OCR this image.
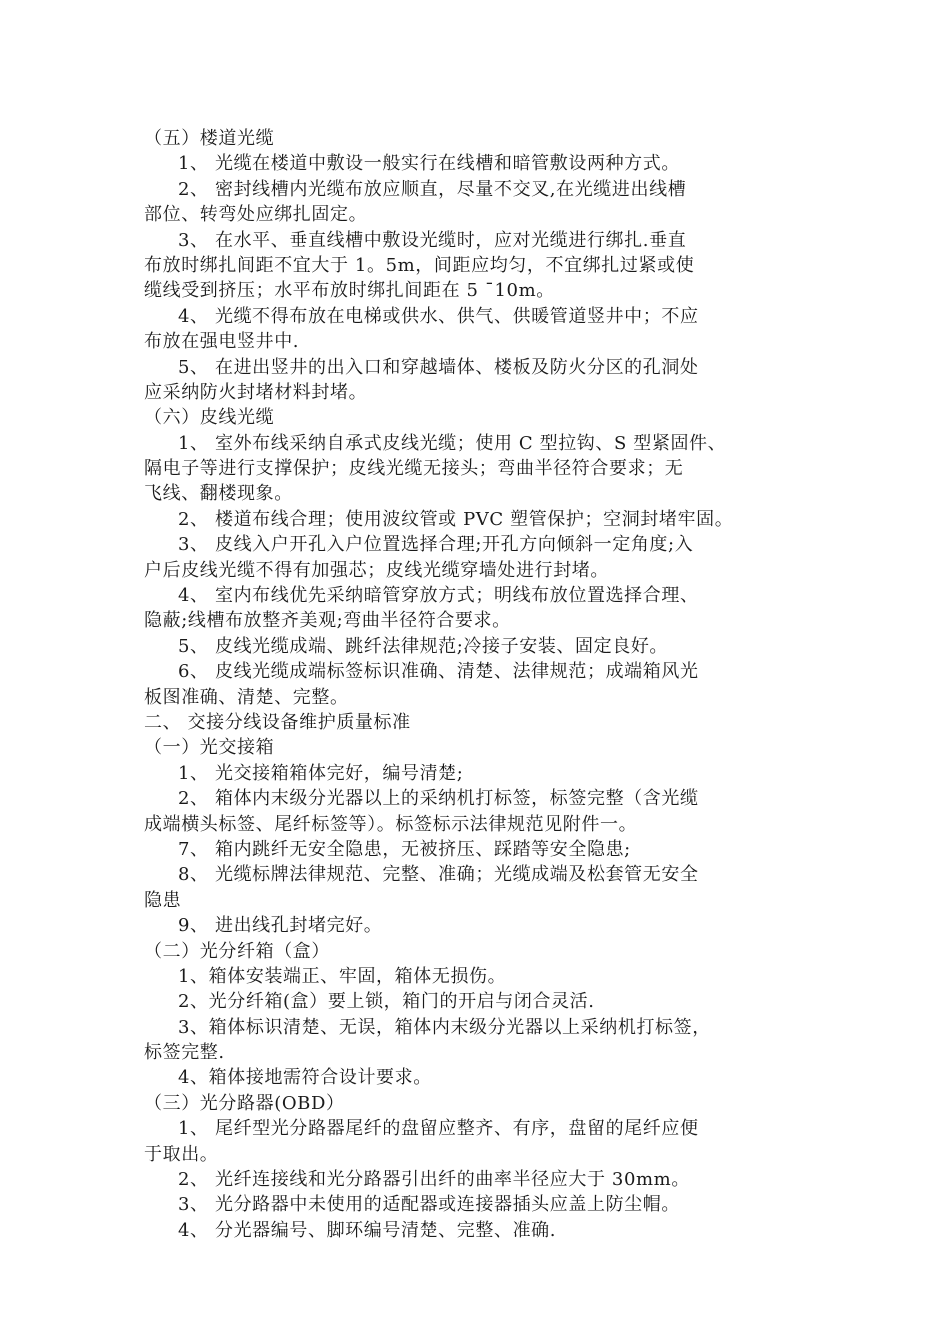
（五）楼道光缆
1、 光缆在楼道中敷设一般实行在线槽和暗管敷设两种方式。
2、 密封线槽内光缆布放应顺直，尽量不交叉,在光缆进出线槽
部位、转弯处应绑扎固定。
3、 在水平、垂直线槽中敷设光缆时，应对光缆进行绑扎.垂直
布放时绑扎间距不宜大于 1。5m，间距应均匀，不宜绑扎过紧或使
缆线受到挤压；水平布放时绑扎间距在 5 ¯10m。
4、 光缆不得布放在电梯或供水、供气、供暖管道竖井中；不应
布放在强电竖井中.
5、 在进出竖井的出入口和穿越墙体、楼板及防火分区的孔洞处
应采纳防火封堵材料封堵。
（六）皮线光缆
1、 室外布线采纳自承式皮线光缆；使用 C 型拉钩、S 型紧固件、
隔电子等进行支撑保护；皮线光缆无接头；弯曲半径符合要求；无
飞线、翻楼现象。
2、 楼道布线合理；使用波纹管或 PVC 塑管保护；空洞封堵牢固。
3、 皮线入户开孔入户位置选择合理;开孔方向倾斜一定角度;入
户后皮线光缆不得有加强芯；皮线光缆穿墙处进行封堵。
4、 室内布线优先采纳暗管穿放方式；明线布放位置选择合理、
隐蔽;线槽布放整齐美观;弯曲半径符合要求。
5、 皮线光缆成端、跳纤法律规范;冷接子安装、固定良好。
6、 皮线光缆成端标签标识准确、清楚、法律规范；成端箱风光
板图准确、清楚、完整。
二、 交接分线设备维护质量标准
（一）光交接箱
1、 光交接箱箱体完好，编号清楚;
2、 箱体内末级分光器以上的采纳机打标签，标签完整（含光缆
成端横头标签、尾纤标签等）。标签标示法律规范见附件一。
7、 箱内跳纤无安全隐患，无被挤压、踩踏等安全隐患;
8、 光缆标牌法律规范、完整、准确；光缆成端及松套管无安全
隐患
9、 进出线孔封堵完好。
（二）光分纤箱（盒）
1、箱体安装端正、牢固，箱体无损伤。
2、光分纤箱(盒）要上锁，箱门的开启与闭合灵活.
3、箱体标识清楚、无误，箱体内末级分光器以上采纳机打标签，
标签完整.
4、箱体接地需符合设计要求。
（三）光分路器(OBD）
1、 尾纤型光分路器尾纤的盘留应整齐、有序，盘留的尾纤应便
于取出。
2、 光纤连接线和光分路器引出纤的曲率半径应大于 30mm。
3、 光分路器中未使用的适配器或连接器插头应盖上防尘帽。
4、 分光器编号、脚环编号清楚、完整、准确.
